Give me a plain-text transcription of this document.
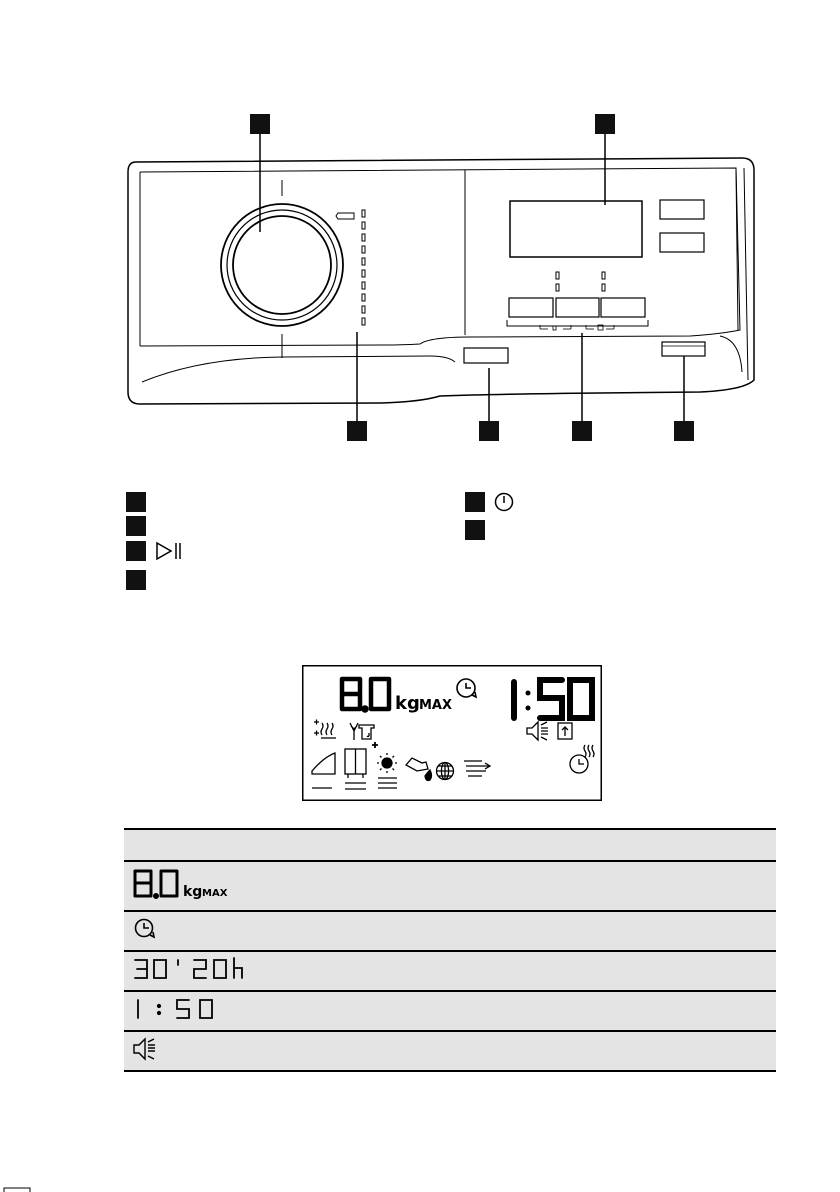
kg MAX

kg MAX	
